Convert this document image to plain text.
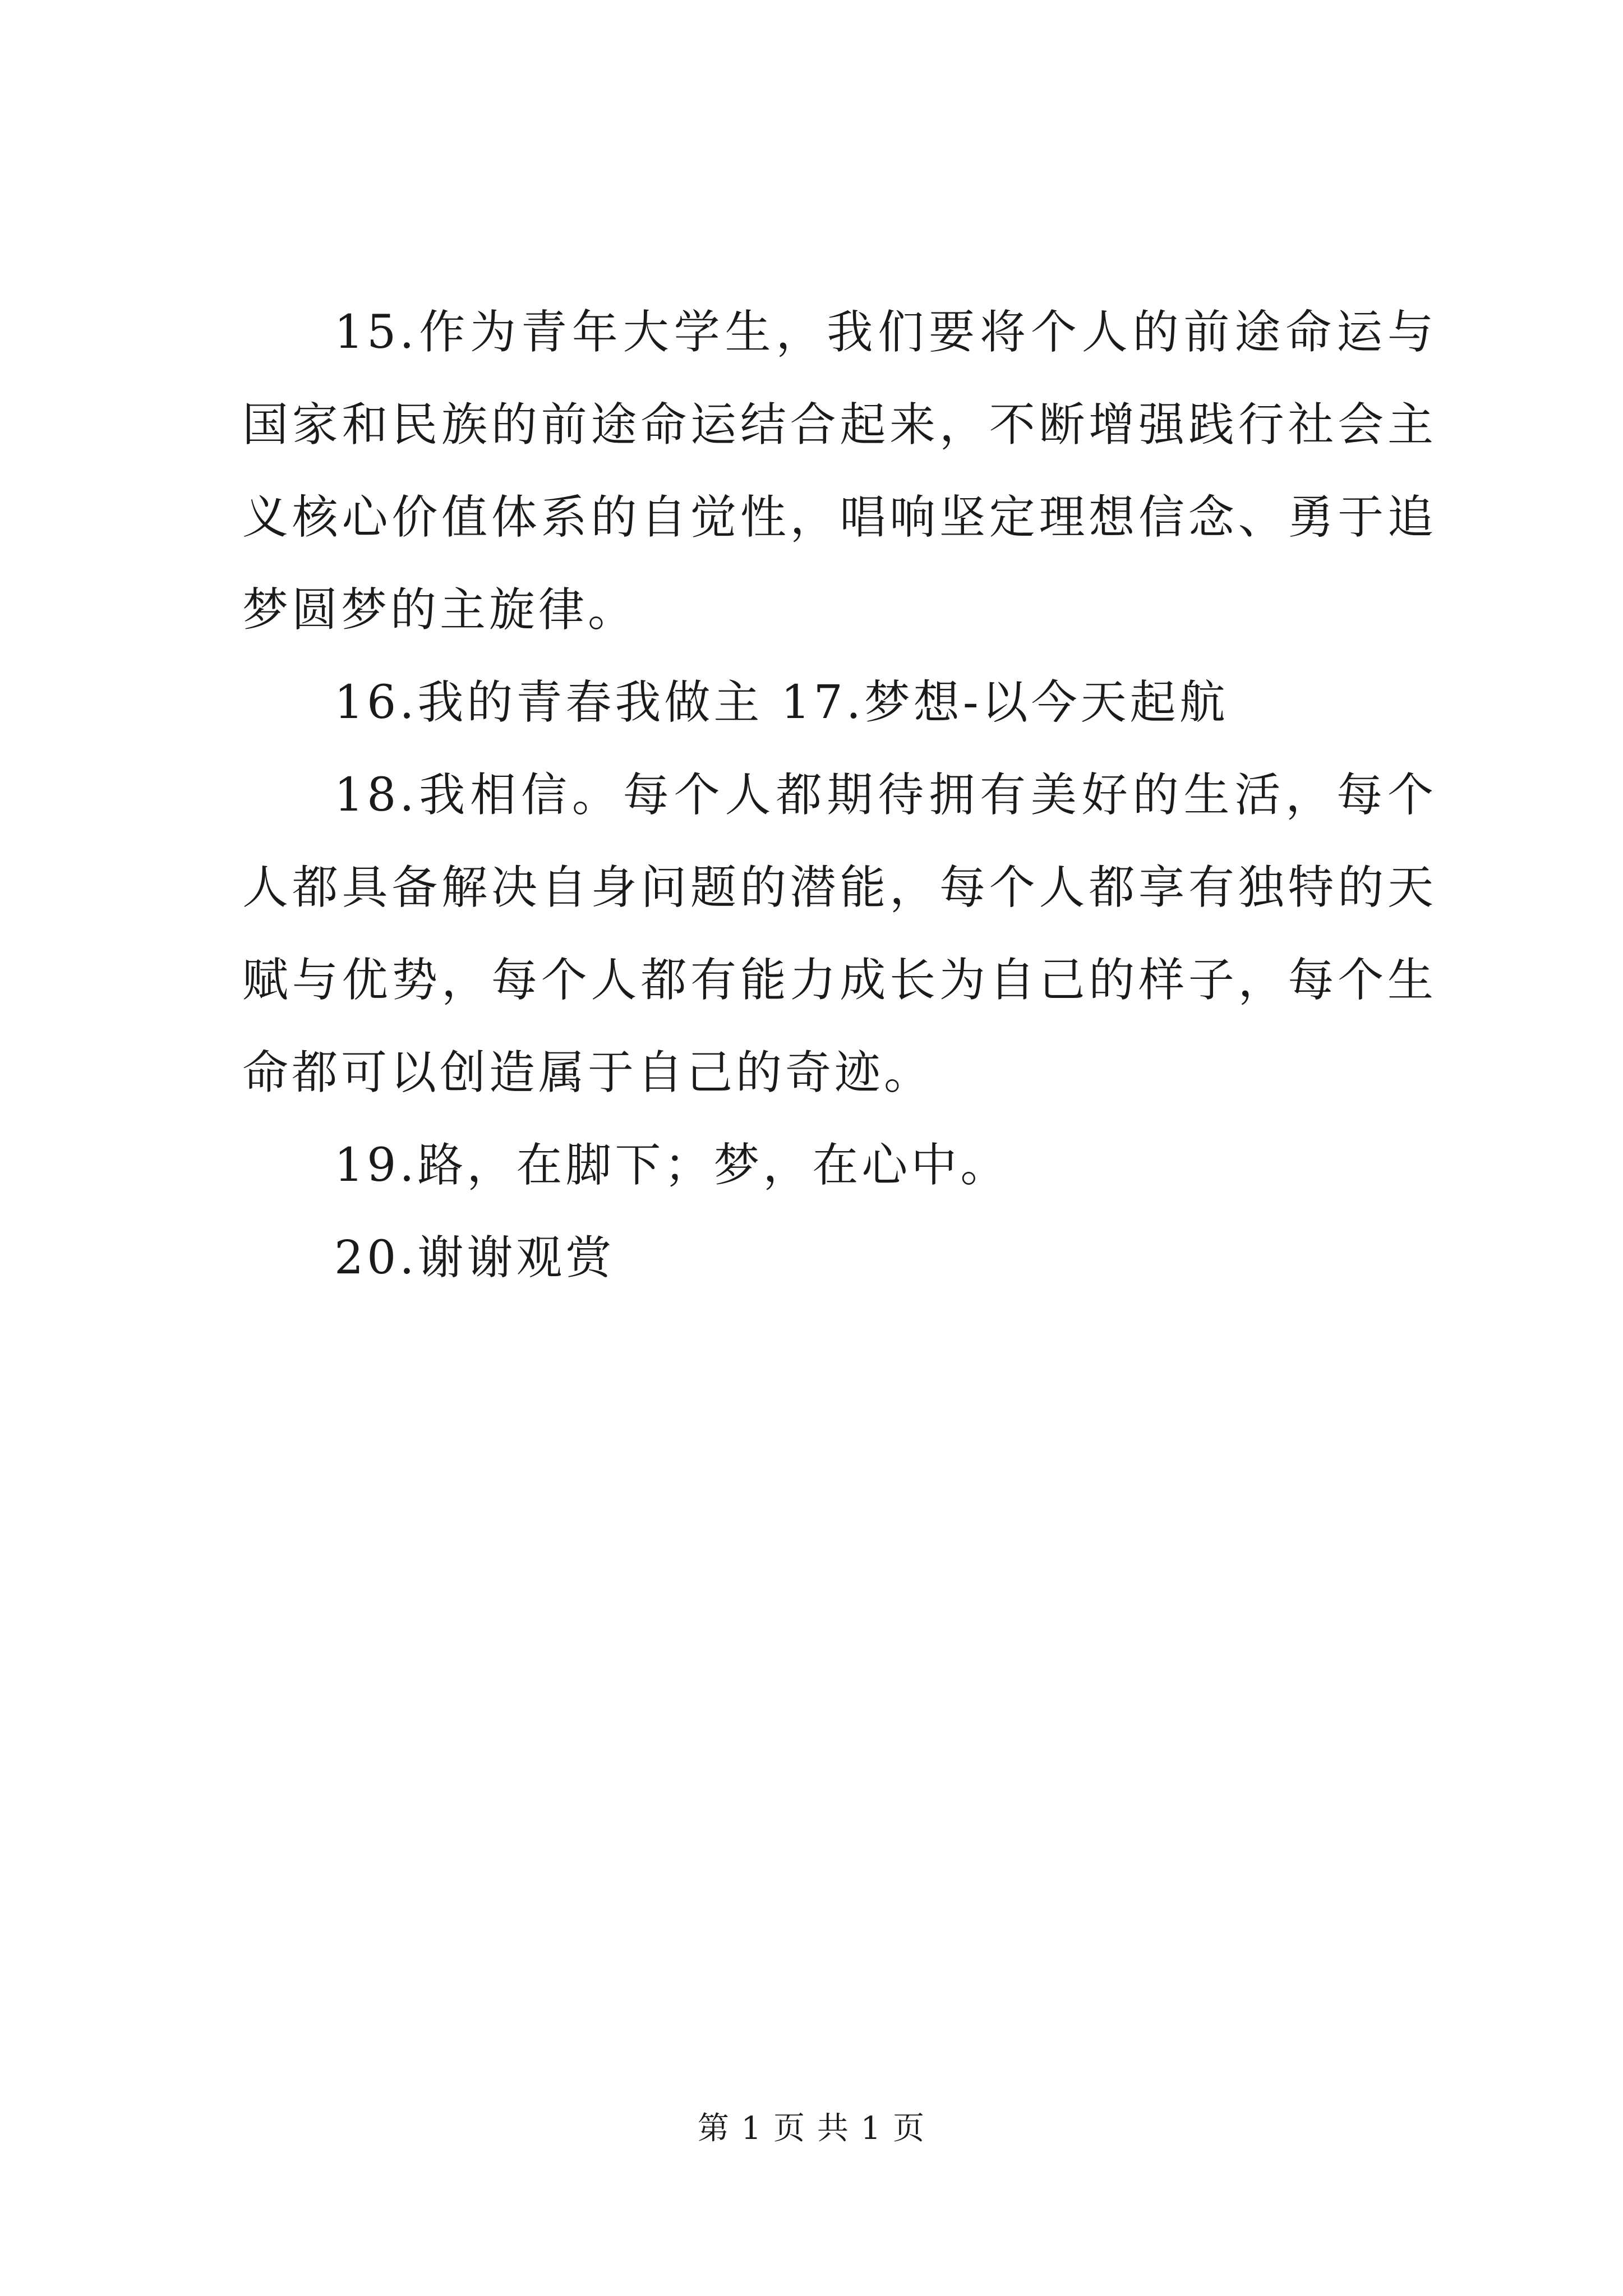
15.作为青年大学生，我们要将个人的前途命运与国家和民族的前途命运结合起来，不断增强践行社会主义核心价值体系的自觉性，唱响坚定理想信念、勇于追梦圆梦的主旋律。

16.我的青春我做主 17.梦想-以今天起航

18.我相信。每个人都期待拥有美好的生活，每个人都具备解决自身问题的潜能，每个人都享有独特的天赋与优势，每个人都有能力成长为自己的样子，每个生命都可以创造属于自己的奇迹。

19.路，在脚下；梦，在心中。

20.谢谢观赏

第 1 页 共 1 页
